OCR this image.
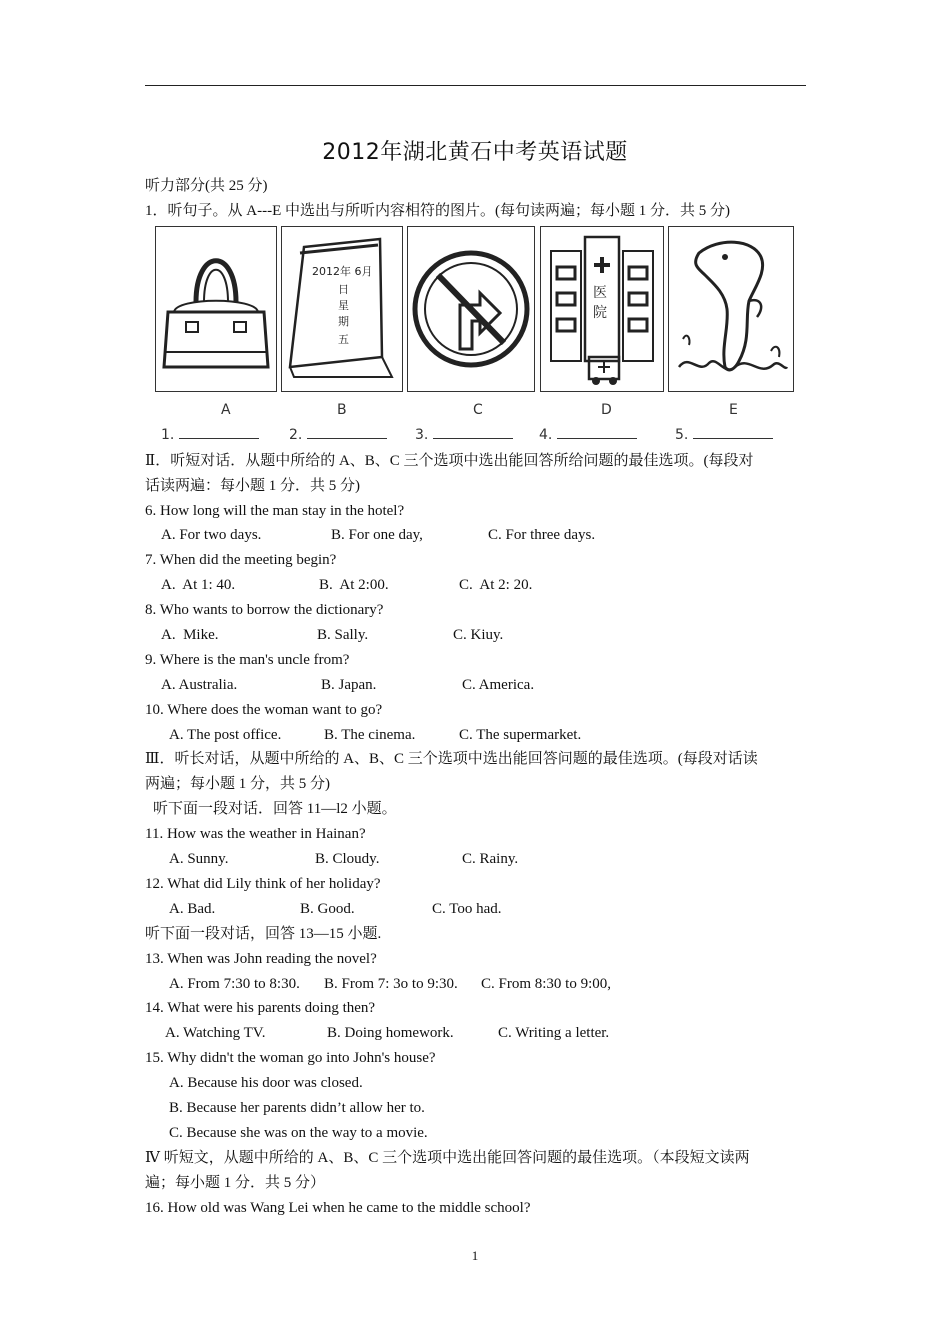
2012年湖北黄石中考英语试题
听力部分(共 25 分)
1．听句子。从 A---E 中选出与所听内容相符的图片。(每句读两遍；每小题 1 分．共 5 分)
2012年 6月
日
星
期
五
医
院
A	B	C	D	E
1.	2.	3.	4.	5.
Ⅱ．听短对话．从题中所给的 A、B、C 三个选项中选出能回答所给问题的最佳选项。(每段对
话读两遍：每小题 1 分．共 5 分)
6. How long will the man stay in the hotel?
A. For two days.	B. For one day,	C. For three days.
7. When did the meeting begin?
A.  At 1: 40.	B.  At 2:00.	C.  At 2: 20.
8. Who wants to borrow the dictionary?
A.  Mike.	B. Sally.	C. Kiuy.
9. Where is the man's uncle from?
A. Australia.	B. Japan.	C. America.
10. Where does the woman want to go?
A. The post office.	B. The cinema.	C. The supermarket.
Ⅲ．听长对话，从题中所给的 A、B、C 三个选项中选出能回答问题的最佳选项。(每段对话读
两遍；每小题 1 分，共 5 分)
听下面一段对话．回答 11—l2 小题。
11. How was the weather in Hainan?
A. Sunny.	B. Cloudy.	C. Rainy.
12. What did Lily think of her holiday?
A. Bad.	B. Good.	C. Too had.
听下面一段对话，回答 13—15 小题.
13. When was John reading the novel?
A. From 7:30 to 8:30. B. From 7: 3o to 9:30. C. From 8:30 to 9:00,
14. What were his parents doing then?
A. Watching TV.	B. Doing homework.	C. Writing a letter.
15. Why didn't the woman go into John's house?
A. Because his door was closed.
B. Because her parents didn’t allow her to.
C. Because she was on the way to a movie.
Ⅳ 听短文，从题中所给的 A、B、C 三个选项中选出能回答问题的最佳选项。（本段短文读两
遍；每小题 1 分．共 5 分）
16. How old was Wang Lei when he came to the middle school?
1
